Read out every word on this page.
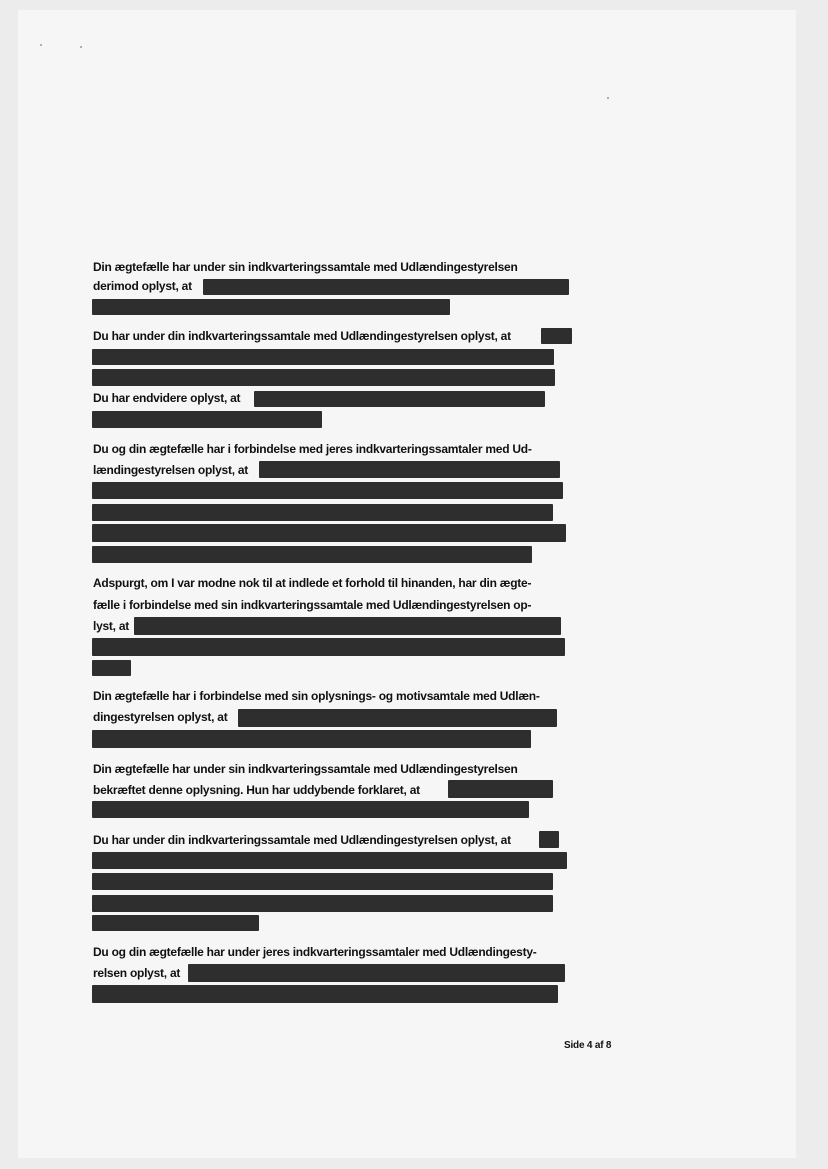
Din ægtefælle har under sin indkvarteringssamtale med Udlændingestyrelsen
derimod oplyst, at
Du har under din indkvarteringssamtale med Udlændingestyrelsen oplyst, at
Du har endvidere oplyst, at
Du og din ægtefælle har i forbindelse med jeres indkvarteringssamtaler med Ud-
lændingestyrelsen oplyst, at
Adspurgt, om I var modne nok til at indlede et forhold til hinanden, har din ægte-
fælle i forbindelse med sin indkvarteringssamtale med Udlændingestyrelsen op-
lyst, at
Din ægtefælle har i forbindelse med sin oplysnings- og motivsamtale med Udlæn-
dingestyrelsen oplyst, at
Din ægtefælle har under sin indkvarteringssamtale med Udlændingestyrelsen
bekræftet denne oplysning. Hun har uddybende forklaret, at
Du har under din indkvarteringssamtale med Udlændingestyrelsen oplyst, at
Du og din ægtefælle har under jeres indkvarteringssamtaler med Udlændingesty-
relsen oplyst, at
Side 4 af 8
